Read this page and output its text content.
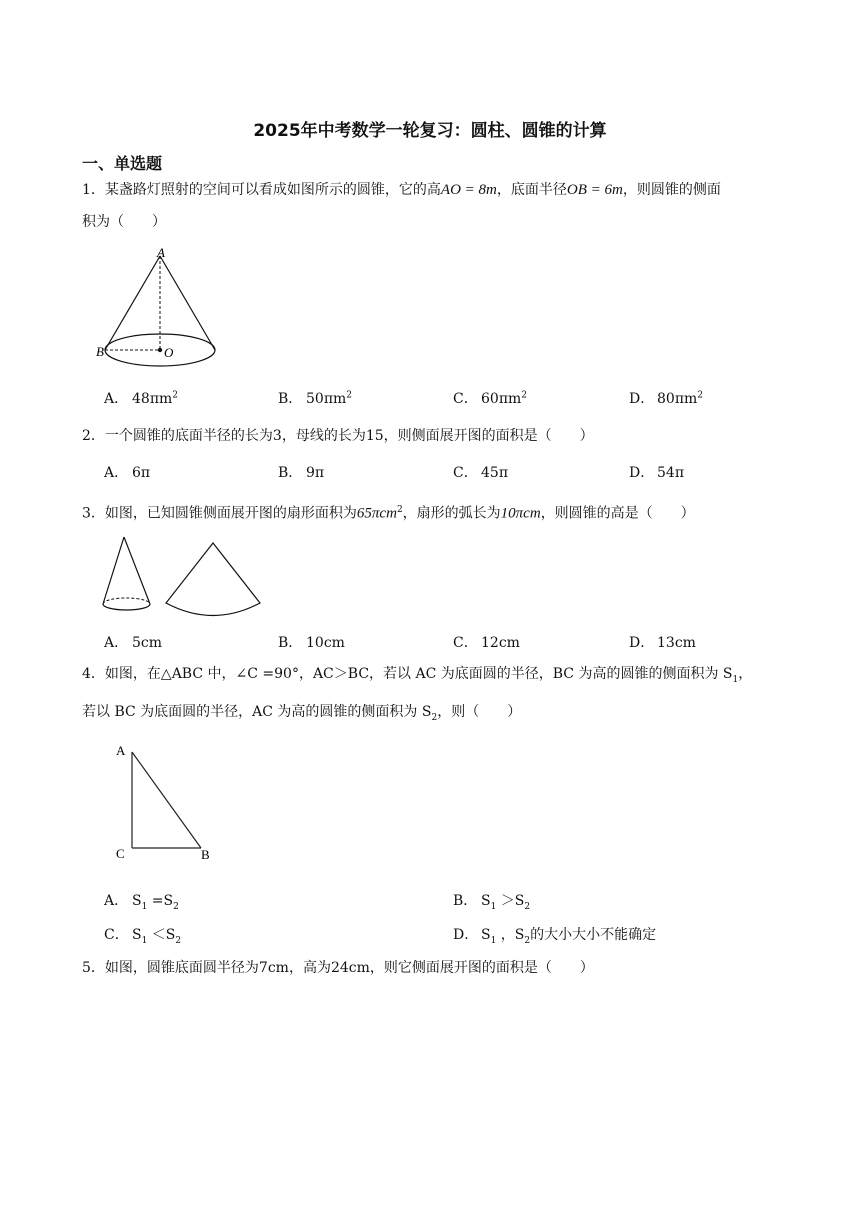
2025年中考数学一轮复习：圆柱、圆锥的计算
一、单选题
1．某盏路灯照射的空间可以看成如图所示的圆锥，它的高AO = 8m，底面半径OB = 6m，则圆锥的侧面
积为（　　）
A
B	O
A． $48\pi m^2$	B． $50\pi m^2$	C． $60\pi m^2$	D． $80\pi m^2$
2．一个圆锥的底面半径的长为3，母线的长为15，则侧面展开图的面积是（　　）
A． 6π	B． 9π	C． 45π	D． 54π
3．如图，已知圆锥侧面展开图的扇形面积为65πcm$^2$，扇形的弧长为10πcm，则圆锥的高是（　　）
A． 5cm	B． 10cm	C． 12cm	D． 13cm
4．如图，在△ABC 中，∠C =90°，AC＞BC，若以 AC 为底面圆的半径，BC 为高的圆锥的侧面积为 $S_1$，
若以 BC 为底面圆的半径，AC 为高的圆锥的侧面积为 $S_2$，则（　　）
A
C	B
A． $S_1 =S_2$	B． $S_1 >S_2$
C． $S_1 <S_2$	D． $S_1$ ，$S_2$的大小大小不能确定
5．如图，圆锥底面圆半径为7cm，高为24cm，则它侧面展开图的面积是（　　）
